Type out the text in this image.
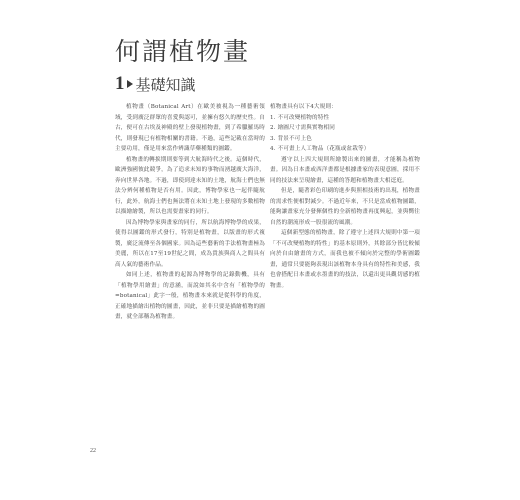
何謂植物畫
1 基礎知識

植物畫（Botanical Art）在歐美被視為一種藝術領域，受到廣泛群眾的喜愛與認可，並擁有悠久的歷史性。自古，便可在古埃及神殿的壁上發現植物畫，到了希臘羅馬時代，則發現已有植物相關的書籍。不過，這些記載在當時的主要功用，僅是用來當作辨識草藥種類的圖鑑。

植物畫的轉捩期則要等到大航海時代之後。這個時代，歐洲強國彼此競爭，為了追求未知的事物而湧越廣大海洋，奔向世界各地。不過，即使到達未知的土地，航海士們也無法分辨何種植物是否有用。因此，博物學家也一起伴隨航行，此外，航海士們也無法將在未知土地上發現的多數植物以描繪繪製，所以也需要畫家的同行。

因為博物學家與畫家的同行，所以航海博物學的成果，使得以圖鑑的形式發行，特別是植物畫，以版畫的形式複製，廣泛流傳至各個國家。因為這些藝術的手法植物畫極為美麗，所以在17至19世紀之間，成為貴族與商人之間具有高人氣的藝術作品。

如同上述，植物畫的起源為博物學的記錄動機，具有「植物學用繪畫」的意涵，而說如其名中含有「植物學的=botanical」此字一般，植物畫本來就是從科學的角度，正確地描繪出植物的圖畫，因此，並非只要是描繪植物的圖畫，就全部稱為植物畫。

植物畫具有以下4大規則：

1. 不可改變植物的特性
2. 繪圖尺寸需與實物相同
3. 背景不可上色
4. 不可畫上人工物品（花瓶或盆栽等）

遵守以上四大規則所繪製出來的圖畫，才能稱為植物畫。因為日本畫或西洋畫都是根據畫家的表現意圖，採用不同的技法來呈現繪畫，這種的答題和植物畫大相逕庭。

但是，隨著彩色印刷的進步與照相技術的出現，植物畫的需求性便相對減少。不過近年來，不只是當成植物圖鑑，能夠讓畫家充分發揮個性的全新植物畫再度興起，並與嚮往自然的潮流形成一股很流的風潮。

這個新型態的植物畫，除了遵守上述四大規則中第一項「不可改變植物的特性」的基本原則外，其餘部分皆比較傾向於自由繪畫的方式，而我也被不傾向於完整的學術圖鑑畫，通常只要能夠表現出該植物本身具有的特性和美感，我也會搭配日本畫或水墨畫的的技法，以還出更具觀切感的植物畫。

22
